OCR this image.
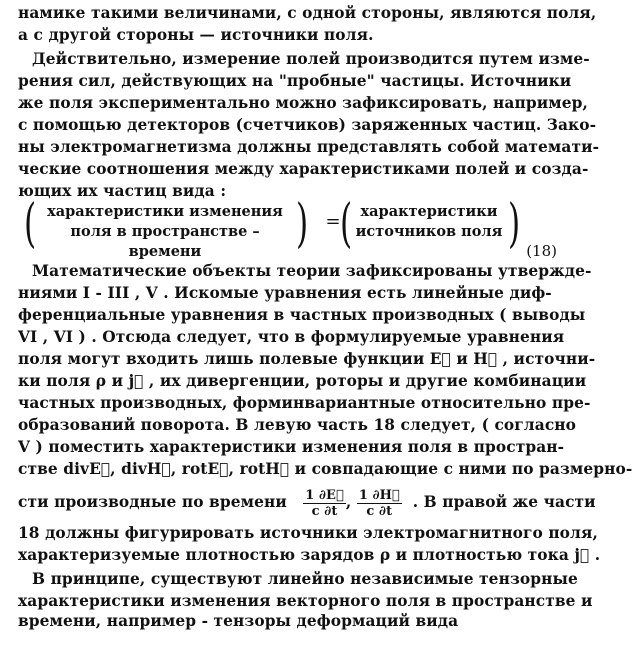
намике такими величинами, с одной стороны, являются поля,
а с другой стороны — источники поля.
Действительно, измерение полей производится путем изме-
рения сил, действующих на "пробные" частицы. Источники
же поля экспериментально можно зафиксировать, например,
с помощью детекторов (счетчиков) заряженных частиц. Зако-
ны электромагнетизма должны представлять собой математи-
ческие соотношения между характеристиками полей и созда-
ющих их частиц вида :
( характеристики изменения
поля в пространстве – времени	) = ( характеристики
источников поля ) (18)
Математические объекты теории зафиксированы утвержде-
ниями I - III , V . Искомые уравнения есть линейные диф-
ференциальные уравнения в частных производных ( выводы
VI , VI ) . Отсюда следует, что в формулируемые уравнения
поля могут входить лишь полевые функции E⃗ и H⃗ , источни-
ки поля ρ и j⃗ , их дивергенции, роторы и другие комбинации
частных производных, форминвариантные относительно пре-
образований поворота. В левую часть 18 следует, ( согласно
V ) поместить характеристики изменения поля в простран-
стве divE⃗, divH⃗, rotE⃗, rotH⃗ и совпадающие с ними по размерно-
сти производные по времени $\frac{1 \partial E⃗}{c \partial t}$ , $\frac{1 \partial H⃗}{c \partial t}$ . В правой же части
18 должны фигурировать источники электромагнитного поля,
характеризуемые плотностью зарядов ρ и плотностью тока j⃗ .
В принципе, существуют линейно независимые тензорные
характеристики изменения векторного поля в пространстве и
времени, например - тензоры деформаций вида
